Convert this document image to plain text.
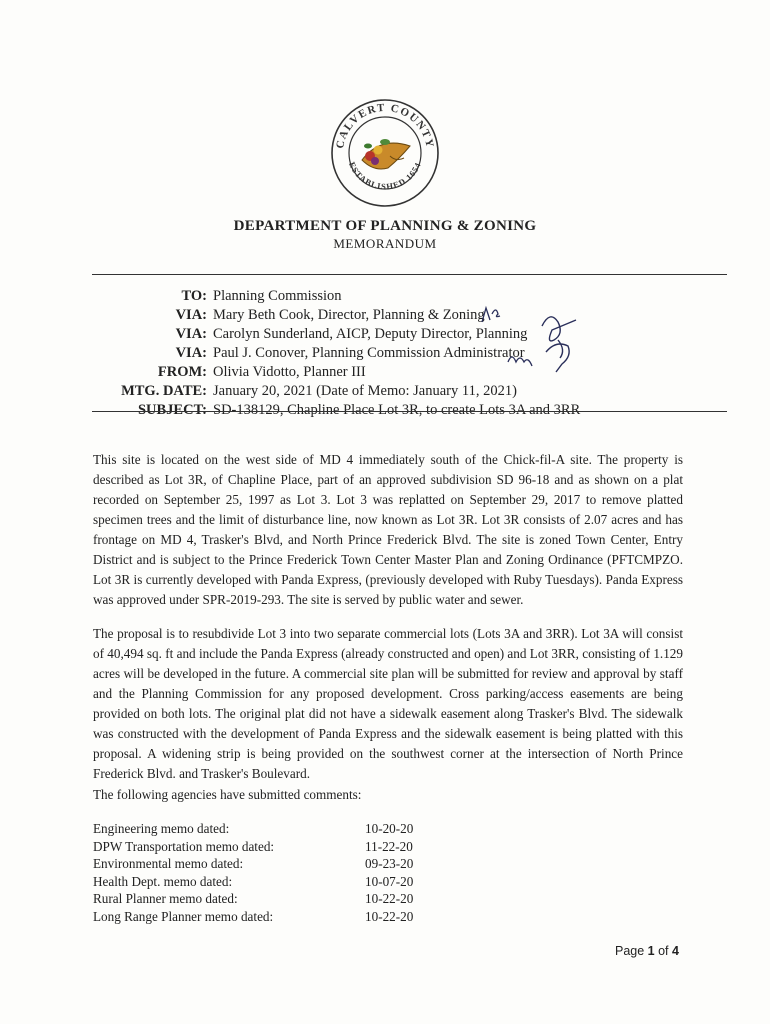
CALVERT COUNTY
ESTABLISHED 1654
DEPARTMENT OF PLANNING & ZONING
MEMORANDUM
TO: Planning Commission
VIA: Mary Beth Cook, Director, Planning & Zoning
VIA: Carolyn Sunderland, AICP, Deputy Director, Planning
VIA: Paul J. Conover, Planning Commission Administrator
FROM: Olivia Vidotto, Planner III
MTG. DATE: January 20, 2021 (Date of Memo: January 11, 2021)
SUBJECT: SD-138129, Chapline Place Lot 3R, to create Lots 3A and 3RR

This site is located on the west side of MD 4 immediately south of the Chick-fil-A site. The property is described as Lot 3R, of Chapline Place, part of an approved subdivision SD 96-18 and as shown on a plat recorded on September 25, 1997 as Lot 3. Lot 3 was replatted on September 29, 2017 to remove platted specimen trees and the limit of disturbance line, now known as Lot 3R. Lot 3R consists of 2.07 acres and has frontage on MD 4, Trasker's Blvd, and North Prince Frederick Blvd. The site is zoned Town Center, Entry District and is subject to the Prince Frederick Town Center Master Plan and Zoning Ordinance (PFTCMPZO. Lot 3R is currently developed with Panda Express, (previously developed with Ruby Tuesdays). Panda Express was approved under SPR-2019-293. The site is served by public water and sewer.

The proposal is to resubdivide Lot 3 into two separate commercial lots (Lots 3A and 3RR). Lot 3A will consist of 40,494 sq. ft and include the Panda Express (already constructed and open) and Lot 3RR, consisting of 1.129 acres will be developed in the future. A commercial site plan will be submitted for review and approval by staff and the Planning Commission for any proposed development. Cross parking/access easements are being provided on both lots. The original plat did not have a sidewalk easement along Trasker's Blvd. The sidewalk was constructed with the development of Panda Express and the sidewalk easement is being platted with this proposal. A widening strip is being provided on the southwest corner at the intersection of North Prince Frederick Blvd. and Trasker's Boulevard.

The following agencies have submitted comments:

Engineering memo dated:	10-20-20
DPW Transportation memo dated:	11-22-20
Environmental memo dated:	09-23-20
Health Dept. memo dated:	10-07-20
Rural Planner memo dated:	10-22-20
Long Range Planner memo dated:	10-22-20
Page 1 of 4
